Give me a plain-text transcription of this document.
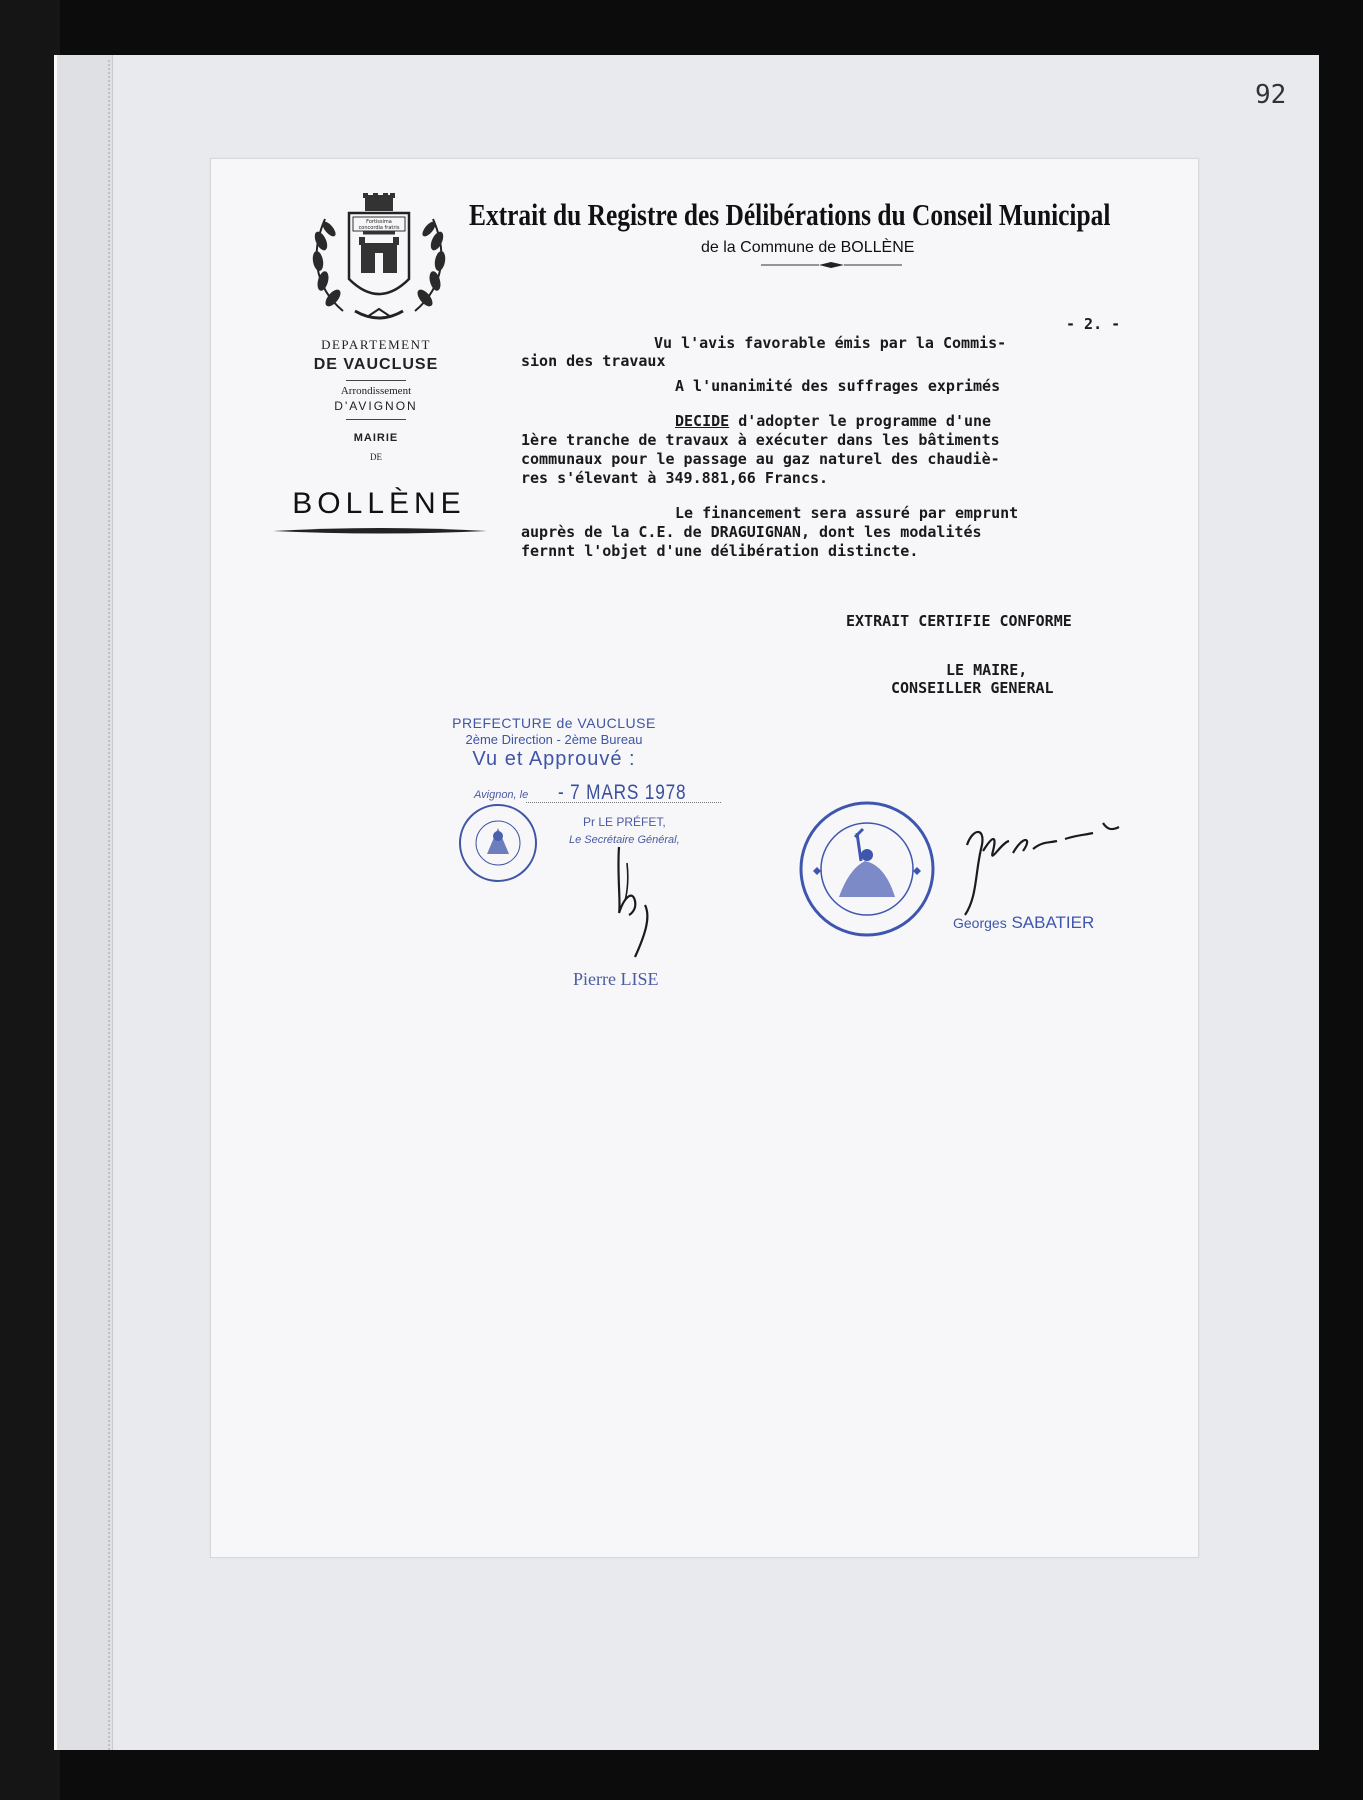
92
Fortissima
concordia fratris
DEPARTEMENT
DE VAUCLUSE
Arrondissement
D'AVIGNON
MAIRIE
DE
BOLLÈNE
Extrait du Registre des Délibérations du Conseil Municipal
de la Commune de BOLLÈNE
- 2. -
Vu l'avis favorable émis par la Commis-
sion des travaux
A l'unanimité des suffrages exprimés
DECIDE d'adopter le programme d'une
1ère tranche de travaux à exécuter dans les bâtiments
communaux pour le passage au gaz naturel des chaudiè-
res s'élevant à 349.881,66 Francs.
Le financement sera assuré par emprunt
auprès de la C.E. de DRAGUIGNAN, dont les modalités
fernnt l'objet d'une délibération distincte.
EXTRAIT CERTIFIE CONFORME
LE MAIRE,
CONSEILLER GENERAL
PREFECTURE de VAUCLUSE
2ème Direction - 2ème Bureau
Vu et Approuvé :
Avignon, le - 7 MARS 1978
Pr LE PRÉFET,
Le Secrétaire Général,
Pierre LISE
Georges SABATIER
